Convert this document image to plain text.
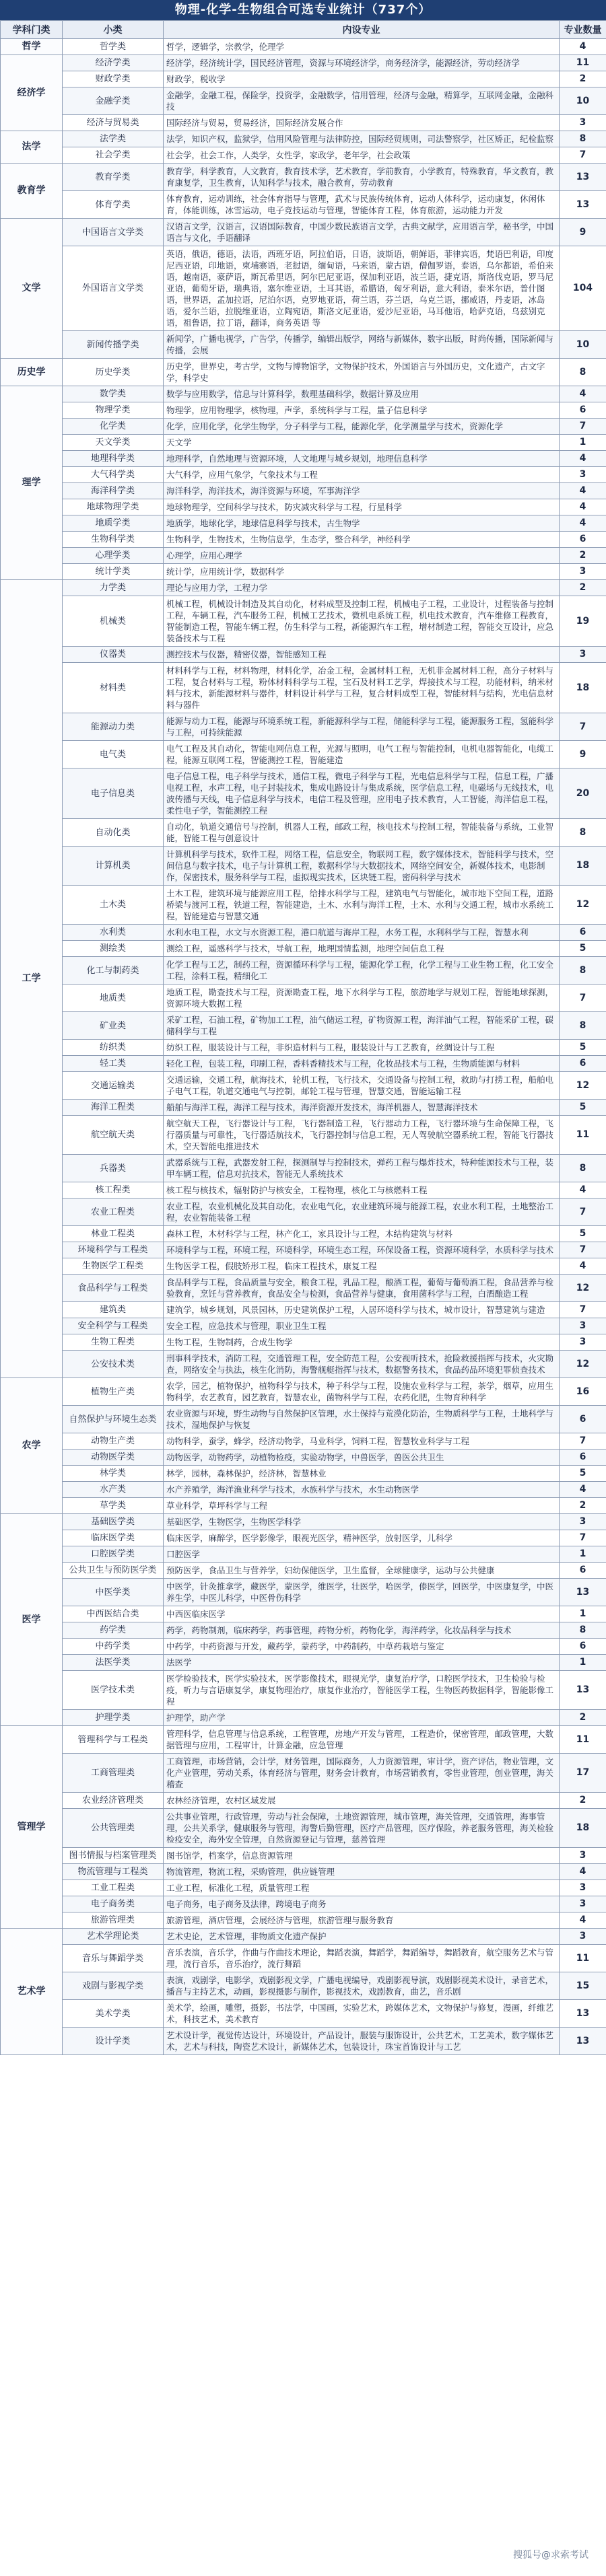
物理-化学-生物组合可选专业统计（737个）
学科门类	小类	内设专业	专业数量
哲学	哲学类	哲学，逻辑学，宗教学，伦理学	4
经济学	经济学类	经济学，经济统计学，国民经济管理，资源与环境经济学，商务经济学，能源经济，劳动经济学	11
	财政学类	财政学，税收学	2
	金融学类	金融学，金融工程，保险学，投资学，金融数学，信用管理，经济与金融，精算学，互联网金融，金融科技	10
	经济与贸易类	国际经济与贸易，贸易经济，国际经济发展合作	3
法学	法学类	法学，知识产权，监狱学，信用风险管理与法律防控，国际经贸规则，司法警察学，社区矫正，纪检监察	8
	社会学类	社会学，社会工作，人类学，女性学，家政学，老年学，社会政策	7
教育学	教育学类	教育学，科学教育，人文教育，教育技术学，艺术教育，学前教育，小学教育，特殊教育，华文教育，教育康复学，卫生教育，认知科学与技术，融合教育，劳动教育	13
	体育学类	体育教育，运动训练，社会体育指导与管理，武术与民族传统体育，运动人体科学，运动康复，休闲体育，体能训练，冰雪运动，电子竞技运动与管理，智能体育工程，体育旅游，运动能力开发	13
文学	中国语言文学类	汉语言文学，汉语言，汉语国际教育，中国少数民族语言文学，古典文献学，应用语言学，秘书学，中国语言与文化，手语翻译	9
	外国语言文学类	英语，俄语，德语，法语，西班牙语，阿拉伯语，日语，波斯语，朝鲜语，菲律宾语，梵语巴利语，印度尼西亚语，印地语，柬埔寨语，老挝语，缅甸语，马来语，蒙古语，僧伽罗语，泰语，乌尔都语，希伯来语，越南语，豪萨语，斯瓦希里语，阿尔巴尼亚语，保加利亚语，波兰语，捷克语，斯洛伐克语，罗马尼亚语，葡萄牙语，瑞典语，塞尔维亚语，土耳其语，希腊语，匈牙利语，意大利语，泰米尔语，普什图语，世界语，孟加拉语，尼泊尔语，克罗地亚语，荷兰语，芬兰语，乌克兰语，挪威语，丹麦语，冰岛语，爱尔兰语，拉脱维亚语，立陶宛语，斯洛文尼亚语，爱沙尼亚语，马耳他语，哈萨克语，乌兹别克语，祖鲁语，拉丁语，翻译，商务英语 等	104
	新闻传播学类	新闻学，广播电视学，广告学，传播学，编辑出版学，网络与新媒体，数字出版，时尚传播，国际新闻与传播，会展	10
历史学	历史学类	历史学，世界史，考古学，文物与博物馆学，文物保护技术，外国语言与外国历史，文化遗产，古文字学，科学史	8
理学	数学类	数学与应用数学，信息与计算科学，数理基础科学，数据计算及应用	4
	物理学类	物理学，应用物理学，核物理，声学，系统科学与工程，量子信息科学	6
	化学类	化学，应用化学，化学生物学，分子科学与工程，能源化学，化学测量学与技术，资源化学	7
	天文学类	天文学	1
	地理科学类	地理科学，自然地理与资源环境，人文地理与城乡规划，地理信息科学	4
	大气科学类	大气科学，应用气象学，气象技术与工程	3
	海洋科学类	海洋科学，海洋技术，海洋资源与环境，军事海洋学	4
	地球物理学类	地球物理学，空间科学与技术，防灾减灾科学与工程，行星科学	4
	地质学类	地质学，地球化学，地球信息科学与技术，古生物学	4
	生物科学类	生物科学，生物技术，生物信息学，生态学，整合科学，神经科学	6
	心理学类	心理学，应用心理学	2
	统计学类	统计学，应用统计学，数据科学	3
工学	力学类	理论与应用力学，工程力学	2
	机械类	机械工程，机械设计制造及其自动化，材料成型及控制工程，机械电子工程，工业设计，过程装备与控制工程，车辆工程，汽车服务工程，机械工艺技术，微机电系统工程，机电技术教育，汽车维修工程教育，智能制造工程，智能车辆工程，仿生科学与工程，新能源汽车工程，增材制造工程，智能交互设计，应急装备技术与工程	19
	仪器类	测控技术与仪器，精密仪器，智能感知工程	3
	材料类	材料科学与工程，材料物理，材料化学，冶金工程，金属材料工程，无机非金属材料工程，高分子材料与工程，复合材料与工程，粉体材料科学与工程，宝石及材料工艺学，焊接技术与工程，功能材料，纳米材料与技术，新能源材料与器件，材料设计科学与工程，复合材料成型工程，智能材料与结构，光电信息材料与器件	18
	能源动力类	能源与动力工程，能源与环境系统工程，新能源科学与工程，储能科学与工程，能源服务工程，氢能科学与工程，可持续能源	7
	电气类	电气工程及其自动化，智能电网信息工程，光源与照明，电气工程与智能控制，电机电器智能化，电缆工程，能源互联网工程，智能测控工程，智能建造	9
	电子信息类	电子信息工程，电子科学与技术，通信工程，微电子科学与工程，光电信息科学与工程，信息工程，广播电视工程，水声工程，电子封装技术，集成电路设计与集成系统，医学信息工程，电磁场与无线技术，电波传播与天线，电子信息科学与技术，电信工程及管理，应用电子技术教育，人工智能，海洋信息工程，柔性电子学，智能测控工程	20
	自动化类	自动化，轨道交通信号与控制，机器人工程，邮政工程，核电技术与控制工程，智能装备与系统，工业智能，智能工程与创意设计	8
	计算机类	计算机科学与技术，软件工程，网络工程，信息安全，物联网工程，数字媒体技术，智能科学与技术，空间信息与数字技术，电子与计算机工程，数据科学与大数据技术，网络空间安全，新媒体技术，电影制作，保密技术，服务科学与工程，虚拟现实技术，区块链工程，密码科学与技术	18
	土木类	土木工程，建筑环境与能源应用工程，给排水科学与工程，建筑电气与智能化，城市地下空间工程，道路桥梁与渡河工程，铁道工程，智能建造，土木、水利与海洋工程，土木、水利与交通工程，城市水系统工程，智能建造与智慧交通	12
	水利类	水利水电工程，水文与水资源工程，港口航道与海岸工程，水务工程，水利科学与工程，智慧水利	6
	测绘类	测绘工程，遥感科学与技术，导航工程，地理国情监测，地理空间信息工程	5
	化工与制药类	化学工程与工艺，制药工程，资源循环科学与工程，能源化学工程，化学工程与工业生物工程，化工安全工程，涂料工程，精细化工	8
	地质类	地质工程，勘查技术与工程，资源勘查工程，地下水科学与工程，旅游地学与规划工程，智能地球探测，资源环境大数据工程	7
	矿业类	采矿工程，石油工程，矿物加工工程，油气储运工程，矿物资源工程，海洋油气工程，智能采矿工程，碳储科学与工程	8
	纺织类	纺织工程，服装设计与工程，非织造材料与工程，服装设计与工艺教育，丝绸设计与工程	5
	轻工类	轻化工程，包装工程，印刷工程，香料香精技术与工程，化妆品技术与工程，生物质能源与材料	6
	交通运输类	交通运输，交通工程，航海技术，轮机工程，飞行技术，交通设备与控制工程，救助与打捞工程，船舶电子电气工程，轨道交通电气与控制，邮轮工程与管理，智慧交通，智能运输工程	12
	海洋工程类	船舶与海洋工程，海洋工程与技术，海洋资源开发技术，海洋机器人，智慧海洋技术	5
	航空航天类	航空航天工程，飞行器设计与工程，飞行器制造工程，飞行器动力工程，飞行器环境与生命保障工程，飞行器质量与可靠性，飞行器适航技术，飞行器控制与信息工程，无人驾驶航空器系统工程，智能飞行器技术，空天智能电推进技术	11
	兵器类	武器系统与工程，武器发射工程，探测制导与控制技术，弹药工程与爆炸技术，特种能源技术与工程，装甲车辆工程，信息对抗技术，智能无人系统技术	8
	核工程类	核工程与核技术，辐射防护与核安全，工程物理，核化工与核燃料工程	4
	农业工程类	农业工程，农业机械化及其自动化，农业电气化，农业建筑环境与能源工程，农业水利工程，土地整治工程，农业智能装备工程	7
	林业工程类	森林工程，木材科学与工程，林产化工，家具设计与工程，木结构建筑与材料	5
	环境科学与工程类	环境科学与工程，环境工程，环境科学，环境生态工程，环保设备工程，资源环境科学，水质科学与技术	7
	生物医学工程类	生物医学工程，假肢矫形工程，临床工程技术，康复工程	4
	食品科学与工程类	食品科学与工程，食品质量与安全，粮食工程，乳品工程，酿酒工程，葡萄与葡萄酒工程，食品营养与检验教育，烹饪与营养教育，食品安全与检测，食品营养与健康，食用菌科学与工程，白酒酿造工程	12
	建筑类	建筑学，城乡规划，风景园林，历史建筑保护工程，人居环境科学与技术，城市设计，智慧建筑与建造	7
	安全科学与工程类	安全工程，应急技术与管理，职业卫生工程	3
	生物工程类	生物工程，生物制药，合成生物学	3
	公安技术类	刑事科学技术，消防工程，交通管理工程，安全防范工程，公安视听技术，抢险救援指挥与技术，火灾勘查，网络安全与执法，核生化消防，海警舰艇指挥与技术，数据警务技术，食品药品环境犯罪侦查技术	12
农学	植物生产类	农学，园艺，植物保护，植物科学与技术，种子科学与工程，设施农业科学与工程，茶学，烟草，应用生物科学，农艺教育，园艺教育，智慧农业，菌物科学与工程，农药化肥，生物育种科学	16
	自然保护与环境生态类	农业资源与环境，野生动物与自然保护区管理，水土保持与荒漠化防治，生物质科学与工程，土地科学与技术，湿地保护与恢复	6
	动物生产类	动物科学，蚕学，蜂学，经济动物学，马业科学，饲料工程，智慧牧业科学与工程	7
	动物医学类	动物医学，动物药学，动植物检疫，实验动物学，中兽医学，兽医公共卫生	6
	林学类	林学，园林，森林保护，经济林，智慧林业	5
	水产类	水产养殖学，海洋渔业科学与技术，水族科学与技术，水生动物医学	4
	草学类	草业科学，草坪科学与工程	2
医学	基础医学类	基础医学，生物医学，生物医学科学	3
	临床医学类	临床医学，麻醉学，医学影像学，眼视光医学，精神医学，放射医学，儿科学	7
	口腔医学类	口腔医学	1
	公共卫生与预防医学类	预防医学，食品卫生与营养学，妇幼保健医学，卫生监督，全球健康学，运动与公共健康	6
	中医学类	中医学，针灸推拿学，藏医学，蒙医学，维医学，壮医学，哈医学，傣医学，回医学，中医康复学，中医养生学，中医儿科学，中医骨伤科学	13
	中西医结合类	中西医临床医学	1
	药学类	药学，药物制剂，临床药学，药事管理，药物分析，药物化学，海洋药学，化妆品科学与技术	8
	中药学类	中药学，中药资源与开发，藏药学，蒙药学，中药制药，中草药栽培与鉴定	6
	法医学类	法医学	1
	医学技术类	医学检验技术，医学实验技术，医学影像技术，眼视光学，康复治疗学，口腔医学技术，卫生检验与检疫，听力与言语康复学，康复物理治疗，康复作业治疗，智能医学工程，生物医药数据科学，智能影像工程	13
	护理学类	护理学，助产学	2
管理学	管理科学与工程类	管理科学，信息管理与信息系统，工程管理，房地产开发与管理，工程造价，保密管理，邮政管理，大数据管理与应用，工程审计，计算金融，应急管理	11
	工商管理类	工商管理，市场营销，会计学，财务管理，国际商务，人力资源管理，审计学，资产评估，物业管理，文化产业管理，劳动关系，体育经济与管理，财务会计教育，市场营销教育，零售业管理，创业管理，海关稽查	17
	农业经济管理类	农林经济管理，农村区域发展	2
	公共管理类	公共事业管理，行政管理，劳动与社会保障，土地资源管理，城市管理，海关管理，交通管理，海事管理，公共关系学，健康服务与管理，海警后勤管理，医疗产品管理，医疗保险，养老服务管理，海关检验检疫安全，海外安全管理，自然资源登记与管理，慈善管理	18
	图书情报与档案管理类	图书馆学，档案学，信息资源管理	3
	物流管理与工程类	物流管理，物流工程，采购管理，供应链管理	4
	工业工程类	工业工程，标准化工程，质量管理工程	3
	电子商务类	电子商务，电子商务及法律，跨境电子商务	3
	旅游管理类	旅游管理，酒店管理，会展经济与管理，旅游管理与服务教育	4
艺术学	艺术学理论类	艺术史论，艺术管理，非物质文化遗产保护	3
	音乐与舞蹈学类	音乐表演，音乐学，作曲与作曲技术理论，舞蹈表演，舞蹈学，舞蹈编导，舞蹈教育，航空服务艺术与管理，流行音乐，音乐治疗，流行舞蹈	11
	戏剧与影视学类	表演，戏剧学，电影学，戏剧影视文学，广播电视编导，戏剧影视导演，戏剧影视美术设计，录音艺术，播音与主持艺术，动画，影视摄影与制作，影视技术，戏剧教育，曲艺，音乐剧	15
	美术学类	美术学，绘画，雕塑，摄影，书法学，中国画，实验艺术，跨媒体艺术，文物保护与修复，漫画，纤维艺术，科技艺术，美术教育	13
	设计学类	艺术设计学，视觉传达设计，环境设计，产品设计，服装与服饰设计，公共艺术，工艺美术，数字媒体艺术，艺术与科技，陶瓷艺术设计，新媒体艺术，包装设计，珠宝首饰设计与工艺	13
搜狐号@求索考试
